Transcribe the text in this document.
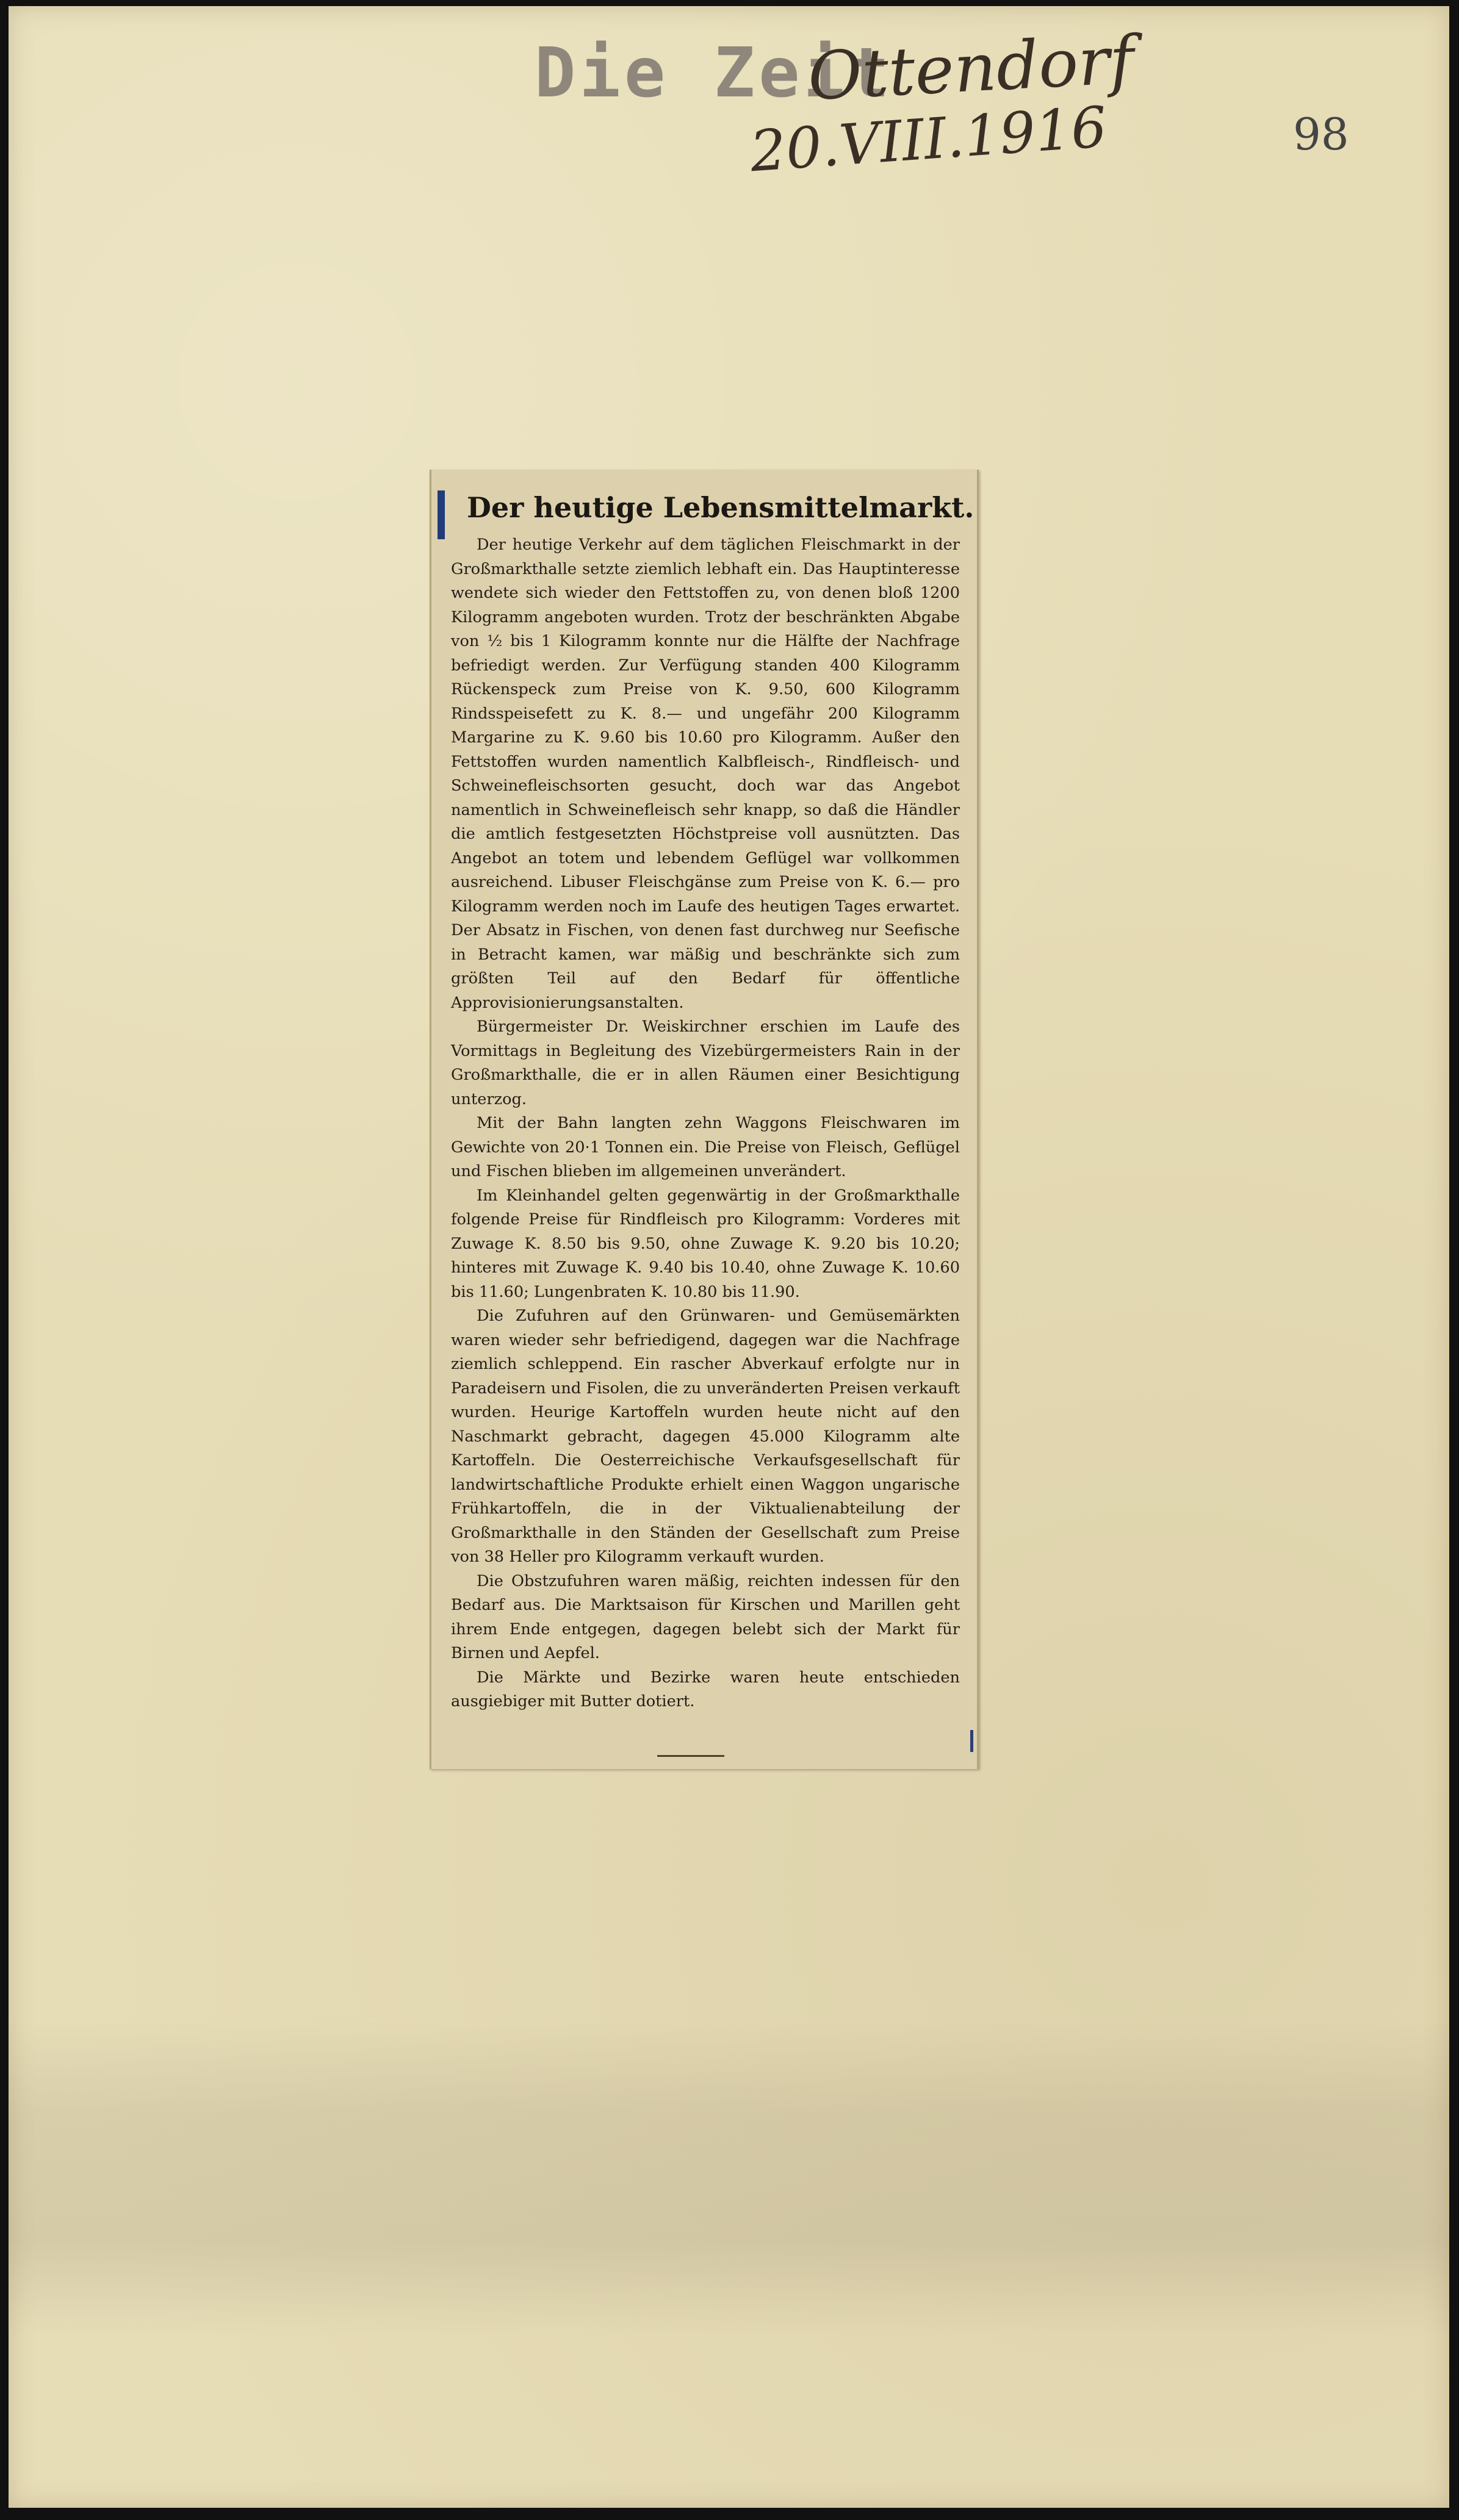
Die Zeit
Ottendorf
20.VIII.1916	98
Der heutige Lebensmittelmarkt.

Der heutige Verkehr auf dem täglichen Fleischmarkt in der Großmarkthalle setzte ziemlich lebhaft ein. Das Hauptinteresse wendete sich wieder den Fettstoffen zu, von denen bloß 1200 Kilogramm angeboten wurden. Trotz der beschränkten Abgabe von ½ bis 1 Kilogramm konnte nur die Hälfte der Nachfrage befriedigt werden. Zur Verfügung standen 400 Kilogramm Rückenspeck zum Preise von K. 9.50, 600 Kilogramm Rindsspeisefett zu K. 8.— und ungefähr 200 Kilogramm Margarine zu K. 9.60 bis 10.60 pro Kilogramm. Außer den Fettstoffen wurden namentlich Kalbfleisch-, Rindfleisch- und Schweinefleischsorten gesucht, doch war das Angebot namentlich in Schweinefleisch sehr knapp, so daß die Händler die amtlich festgesetzten Höchstpreise voll ausnützten. Das Angebot an totem und lebendem Geflügel war vollkommen ausreichend. Libuser Fleischgänse zum Preise von K. 6.— pro Kilogramm werden noch im Laufe des heutigen Tages erwartet. Der Absatz in Fischen, von denen fast durchweg nur Seefische in Betracht kamen, war mäßig und beschränkte sich zum größten Teil auf den Bedarf für öffentliche Approvisionierungsanstalten.

Bürgermeister Dr. Weiskirchner erschien im Laufe des Vormittags in Begleitung des Vizebürgermeisters Rain in der Großmarkthalle, die er in allen Räumen einer Besichtigung unterzog.

Mit der Bahn langten zehn Waggons Fleischwaren im Gewichte von 20·1 Tonnen ein. Die Preise von Fleisch, Geflügel und Fischen blieben im allgemeinen unverändert.

Im Kleinhandel gelten gegenwärtig in der Großmarkthalle folgende Preise für Rindfleisch pro Kilogramm: Vorderes mit Zuwage K. 8.50 bis 9.50, ohne Zuwage K. 9.20 bis 10.20; hinteres mit Zuwage K. 9.40 bis 10.40, ohne Zuwage K. 10.60 bis 11.60; Lungenbraten K. 10.80 bis 11.90.

Die Zufuhren auf den Grünwaren- und Gemüsemärkten waren wieder sehr befriedigend, dagegen war die Nachfrage ziemlich schleppend. Ein rascher Abverkauf erfolgte nur in Paradeisern und Fisolen, die zu unveränderten Preisen verkauft wurden. Heurige Kartoffeln wurden heute nicht auf den Naschmarkt gebracht, dagegen 45.000 Kilogramm alte Kartoffeln. Die Oesterreichische Verkaufsgesellschaft für landwirtschaftliche Produkte erhielt einen Waggon ungarische Frühkartoffeln, die in der Viktualienabteilung der Großmarkthalle in den Ständen der Gesellschaft zum Preise von 38 Heller pro Kilogramm verkauft wurden.

Die Obstzufuhren waren mäßig, reichten indessen für den Bedarf aus. Die Marktsaison für Kirschen und Marillen geht ihrem Ende entgegen, dagegen belebt sich der Markt für Birnen und Aepfel.

Die Märkte und Bezirke waren heute entschieden ausgiebiger mit Butter dotiert.
